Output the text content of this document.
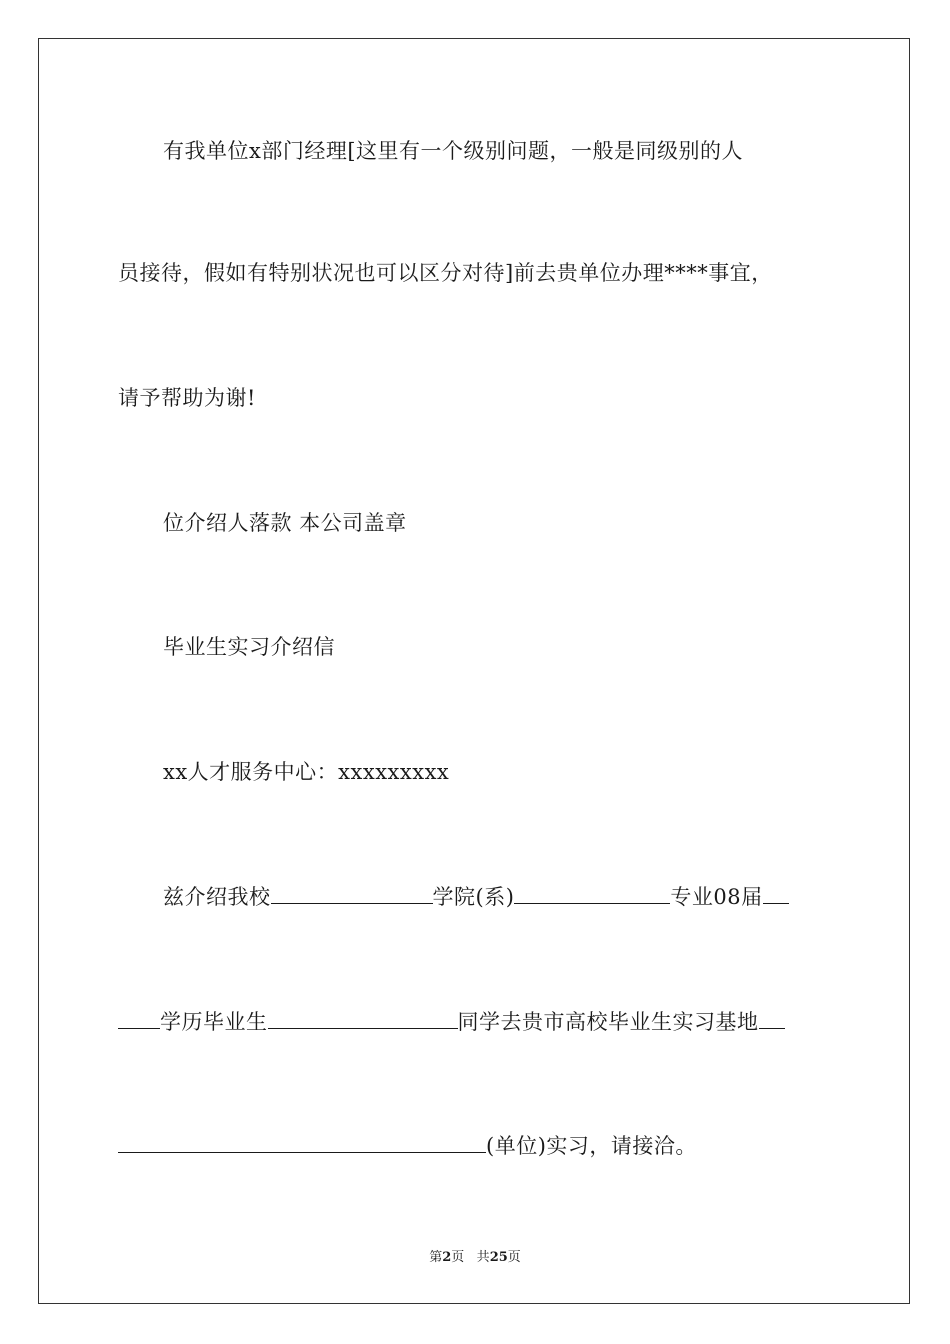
有我单位x部门经理[这里有一个级别问题，一般是同级别的人
员接待，假如有特别状况也可以区分对待]前去贵单位办理****事宜，
请予帮助为谢!
位介绍人落款 本公司盖章
毕业生实习介绍信
xx人才服务中心：xxxxxxxxx
兹介绍我校	学院(系)	专业08届
学历毕业生	同学去贵市高校毕业生实习基地
(单位)实习，请接洽。
第2页 共25页
